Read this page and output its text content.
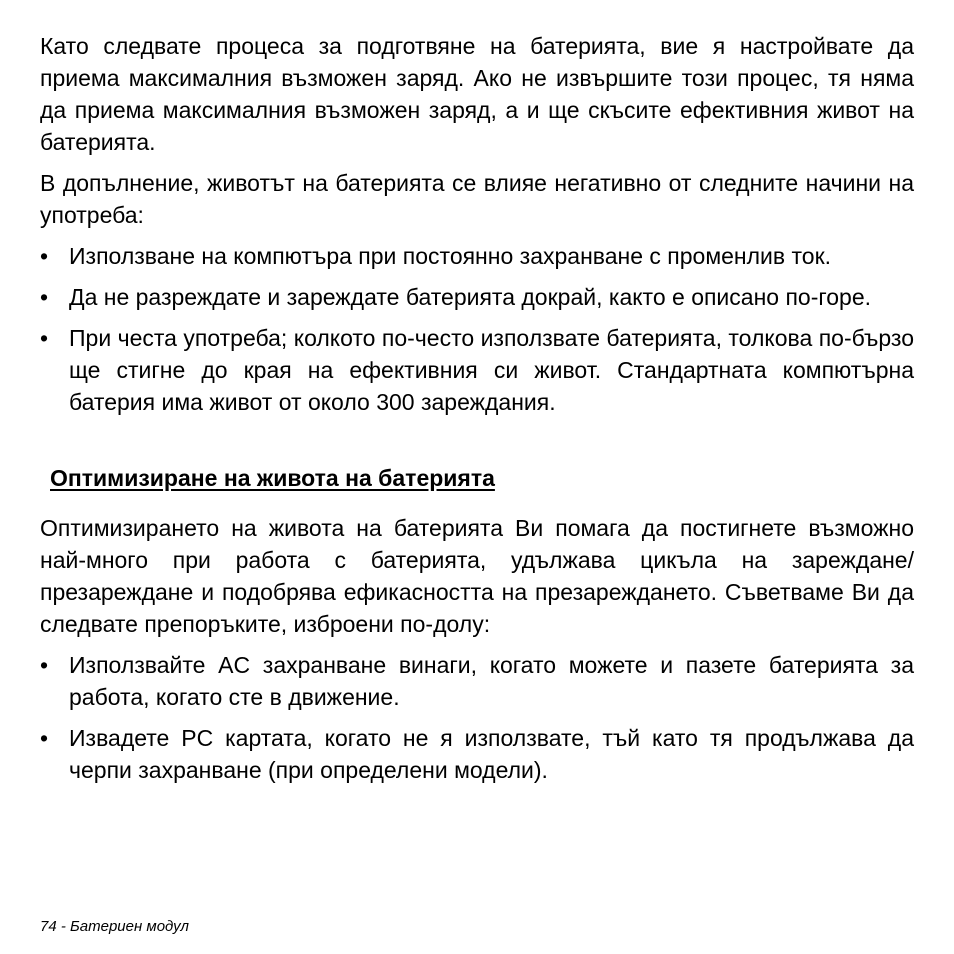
Като следвате процеса за подготвяне на батерията, вие я настройвате да приема максималния възможен заряд. Ако не извършите този процес, тя няма да приема максималния възможен заряд, а и ще скъсите ефективния живот на батерията.

В допълнение, животът на батерията се влияе негативно от следните начини на употреба:

• Използване на компютъра при постоянно захранване с променлив ток.
• Да не разреждате и зареждате батерията докрай, както е описано по-горе.
• При честа употреба; колкото по-често използвате батерията, толкова по-бързо ще стигне до края на ефективния си живот. Стандартната компютърна батерия има живот от около 300 зареждания.
Оптимизиране на живота на батерията

Оптимизирането на живота на батерията Ви помага да постигнете възможно най-много при работа с батерията, удължава цикъла на зареждане/презареждане и подобрява ефикасността на презареждането. Съветваме Ви да следвате препоръките, изброени по-долу:

• Използвайте AC захранване винаги, когато можете и пазете батерията за работа, когато сте в движение.
• Извадете PC картата, когато не я използвате, тъй като тя продължава да черпи захранване (при определени модели).
74 - Батериен модул
